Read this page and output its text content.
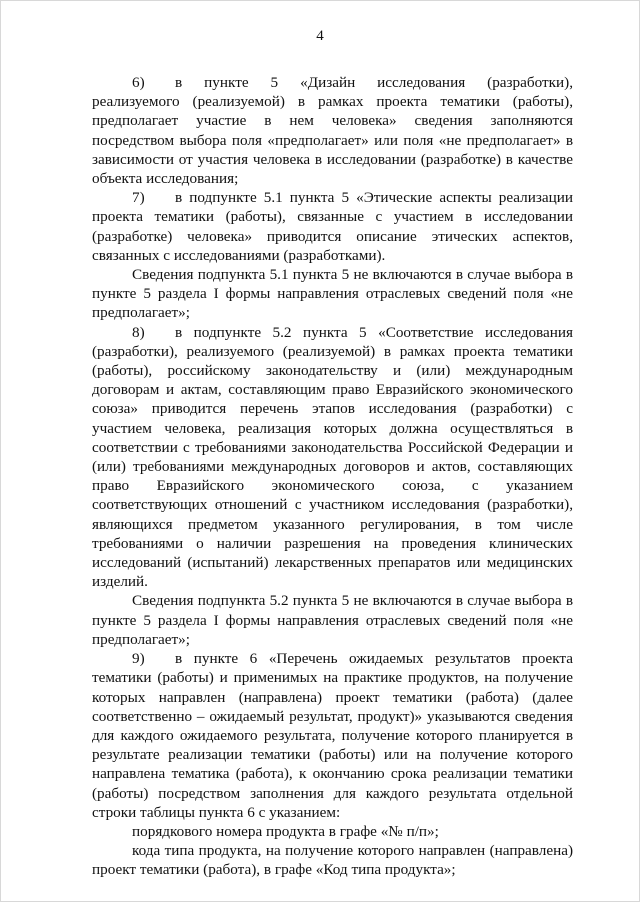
4

6)  в пункте 5 «Дизайн исследования (разработки), реализуемого (реализуемой) в рамках проекта тематики (работы), предполагает участие в нем человека» сведения заполняются посредством выбора поля «предполагает» или поля «не предполагает» в зависимости от участия человека в исследовании (разработке) в качестве объекта исследования;

7)  в подпункте 5.1 пункта 5 «Этические аспекты реализации проекта тематики (работы), связанные с участием в исследовании (разработке) человека» приводится описание этических аспектов, связанных с исследованиями (разработками).

Сведения подпункта 5.1 пункта 5 не включаются в случае выбора в пункте 5 раздела I формы направления отраслевых сведений поля «не предполагает»;

8)  в подпункте 5.2 пункта 5 «Соответствие исследования (разработки), реализуемого (реализуемой) в рамках проекта тематики (работы), российскому законодательству и (или) международным договорам и актам, составляющим право Евразийского экономического союза» приводится перечень этапов исследования (разработки) с участием человека, реализация которых должна осуществляться в соответствии с требованиями законодательства Российской Федерации и (или) требованиями международных договоров и актов, составляющих право Евразийского экономического союза, с указанием соответствующих отношений с участником исследования (разработки), являющихся предметом указанного регулирования, в том числе требованиями о наличии разрешения на проведения клинических исследований (испытаний) лекарственных препаратов или медицинских изделий.

Сведения подпункта 5.2 пункта 5 не включаются в случае выбора в пункте 5 раздела I формы направления отраслевых сведений поля «не предполагает»;

9)  в пункте 6 «Перечень ожидаемых результатов проекта тематики (работы) и применимых на практике продуктов, на получение которых направлен (направлена) проект тематики (работа) (далее соответственно – ожидаемый результат, продукт)» указываются сведения для каждого ожидаемого результата, получение которого планируется в результате реализации тематики (работы) или на получение которого направлена тематика (работа), к окончанию срока реализации тематики (работы) посредством заполнения для каждого результата отдельной строки таблицы пункта 6 с указанием:

порядкового номера продукта в графе «№ п/п»;

кода типа продукта, на получение которого направлен (направлена) проект тематики (работа), в графе «Код типа продукта»;
